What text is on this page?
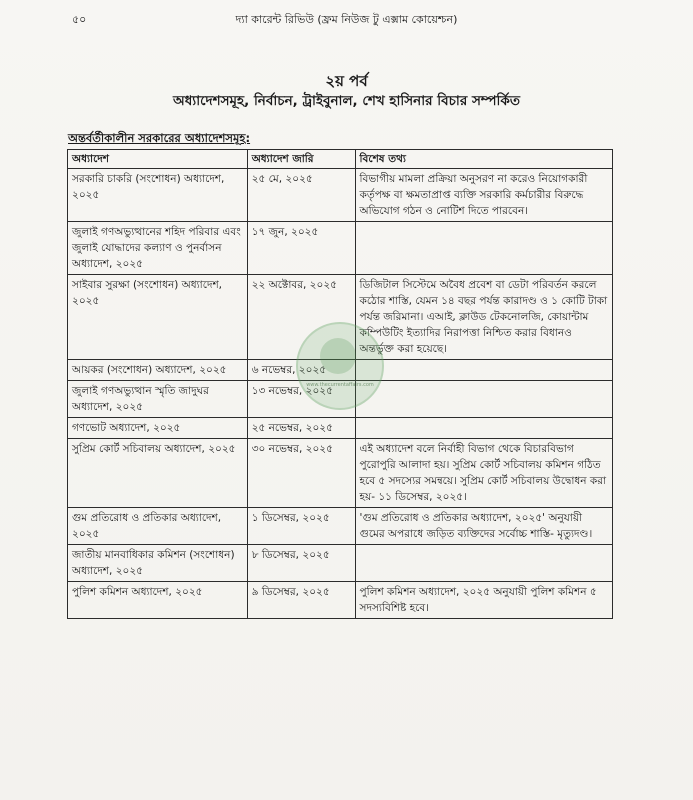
৫০	দ্যা কারেন্ট রিভিউ (ফ্রম নিউজ টু এক্সাম কোয়েশ্চন)
২য় পর্ব
অধ্যাদেশসমূহ, নির্বাচন, ট্রাইবুনাল, শেখ হাসিনার বিচার সম্পর্কিত
অন্তর্বর্তীকালীন সরকারের অধ্যাদেশসমূহ:
অধ্যাদেশ	অধ্যাদেশ জারি	বিশেষ তথ্য
সরকারি চাকরি (সংশোধন) অধ্যাদেশ, ২০২৫	২৫ মে, ২০২৫	বিভাগীয় মামলা প্রক্রিয়া অনুসরণ না করেও নিয়োগকারী কর্তৃপক্ষ বা ক্ষমতাপ্রাপ্ত ব্যক্তি সরকারি কর্মচারীর বিরুদ্ধে অভিযোগ গঠন ও নোটিশ দিতে পারবেন।
জুলাই গণঅভ্যুত্থানের শহিদ পরিবার এবং জুলাই যোদ্ধাদের কল্যাণ ও পুনর্বাসন অধ্যাদেশ, ২০২৫	১৭ জুন, ২০২৫	
সাইবার সুরক্ষা (সংশোধন) অধ্যাদেশ, ২০২৫	২২ অক্টোবর, ২০২৫	ডিজিটাল সিস্টেমে অবৈধ প্রবেশ বা ডেটা পরিবর্তন করলে কঠোর শাস্তি, যেমন ১৪ বছর পর্যন্ত কারাদণ্ড ও ১ কোটি টাকা পর্যন্ত জরিমানা। এআই, ক্লাউড টেকনোলজি, কোয়ান্টাম কম্পিউটিং ইত্যাদির নিরাপত্তা নিশ্চিত করার বিধানও অন্তর্ভুক্ত করা হয়েছে।
আয়কর (সংশোধন) অধ্যাদেশ, ২০২৫	৬ নভেম্বর, ২০২৫	
জুলাই গণঅভ্যুত্থান স্মৃতি জাদুঘর অধ্যাদেশ, ২০২৫	১৩ নভেম্বর, ২০২৫	
গণভোট অধ্যাদেশ, ২০২৫	২৫ নভেম্বর, ২০২৫	
সুপ্রিম কোর্ট সচিবালয় অধ্যাদেশ, ২০২৫	৩০ নভেম্বর, ২০২৫	এই অধ্যাদেশ বলে নির্বাহী বিভাগ থেকে বিচারবিভাগ পুরোপুরি আলাদা হয়। সুপ্রিম কোর্ট সচিবালয় কমিশন গঠিত হবে ৫ সদস্যের সমন্বয়ে। সুপ্রিম কোর্ট সচিবালয় উদ্বোধন করা হয়- ১১ ডিসেম্বর, ২০২৫।
গুম প্রতিরোধ ও প্রতিকার অধ্যাদেশ, ২০২৫	১ ডিসেম্বর, ২০২৫	'গুম প্রতিরোধ ও প্রতিকার অধ্যাদেশ, ২০২৫' অনুযায়ী গুমের অপরাধে জড়িত ব্যক্তিদের সর্বোচ্চ শাস্তি- মৃত্যুদণ্ড।
জাতীয় মানবাধিকার কমিশন (সংশোধন) অধ্যাদেশ, ২০২৫	৮ ডিসেম্বর, ২০২৫	
পুলিশ কমিশন অধ্যাদেশ, ২০২৫	৯ ডিসেম্বর, ২০২৫	পুলিশ কমিশন অধ্যাদেশ, ২০২৫ অনুযায়ী পুলিশ কমিশন ৫ সদস্যবিশিষ্ট হবে।
www.thecurrentaffairs.com
